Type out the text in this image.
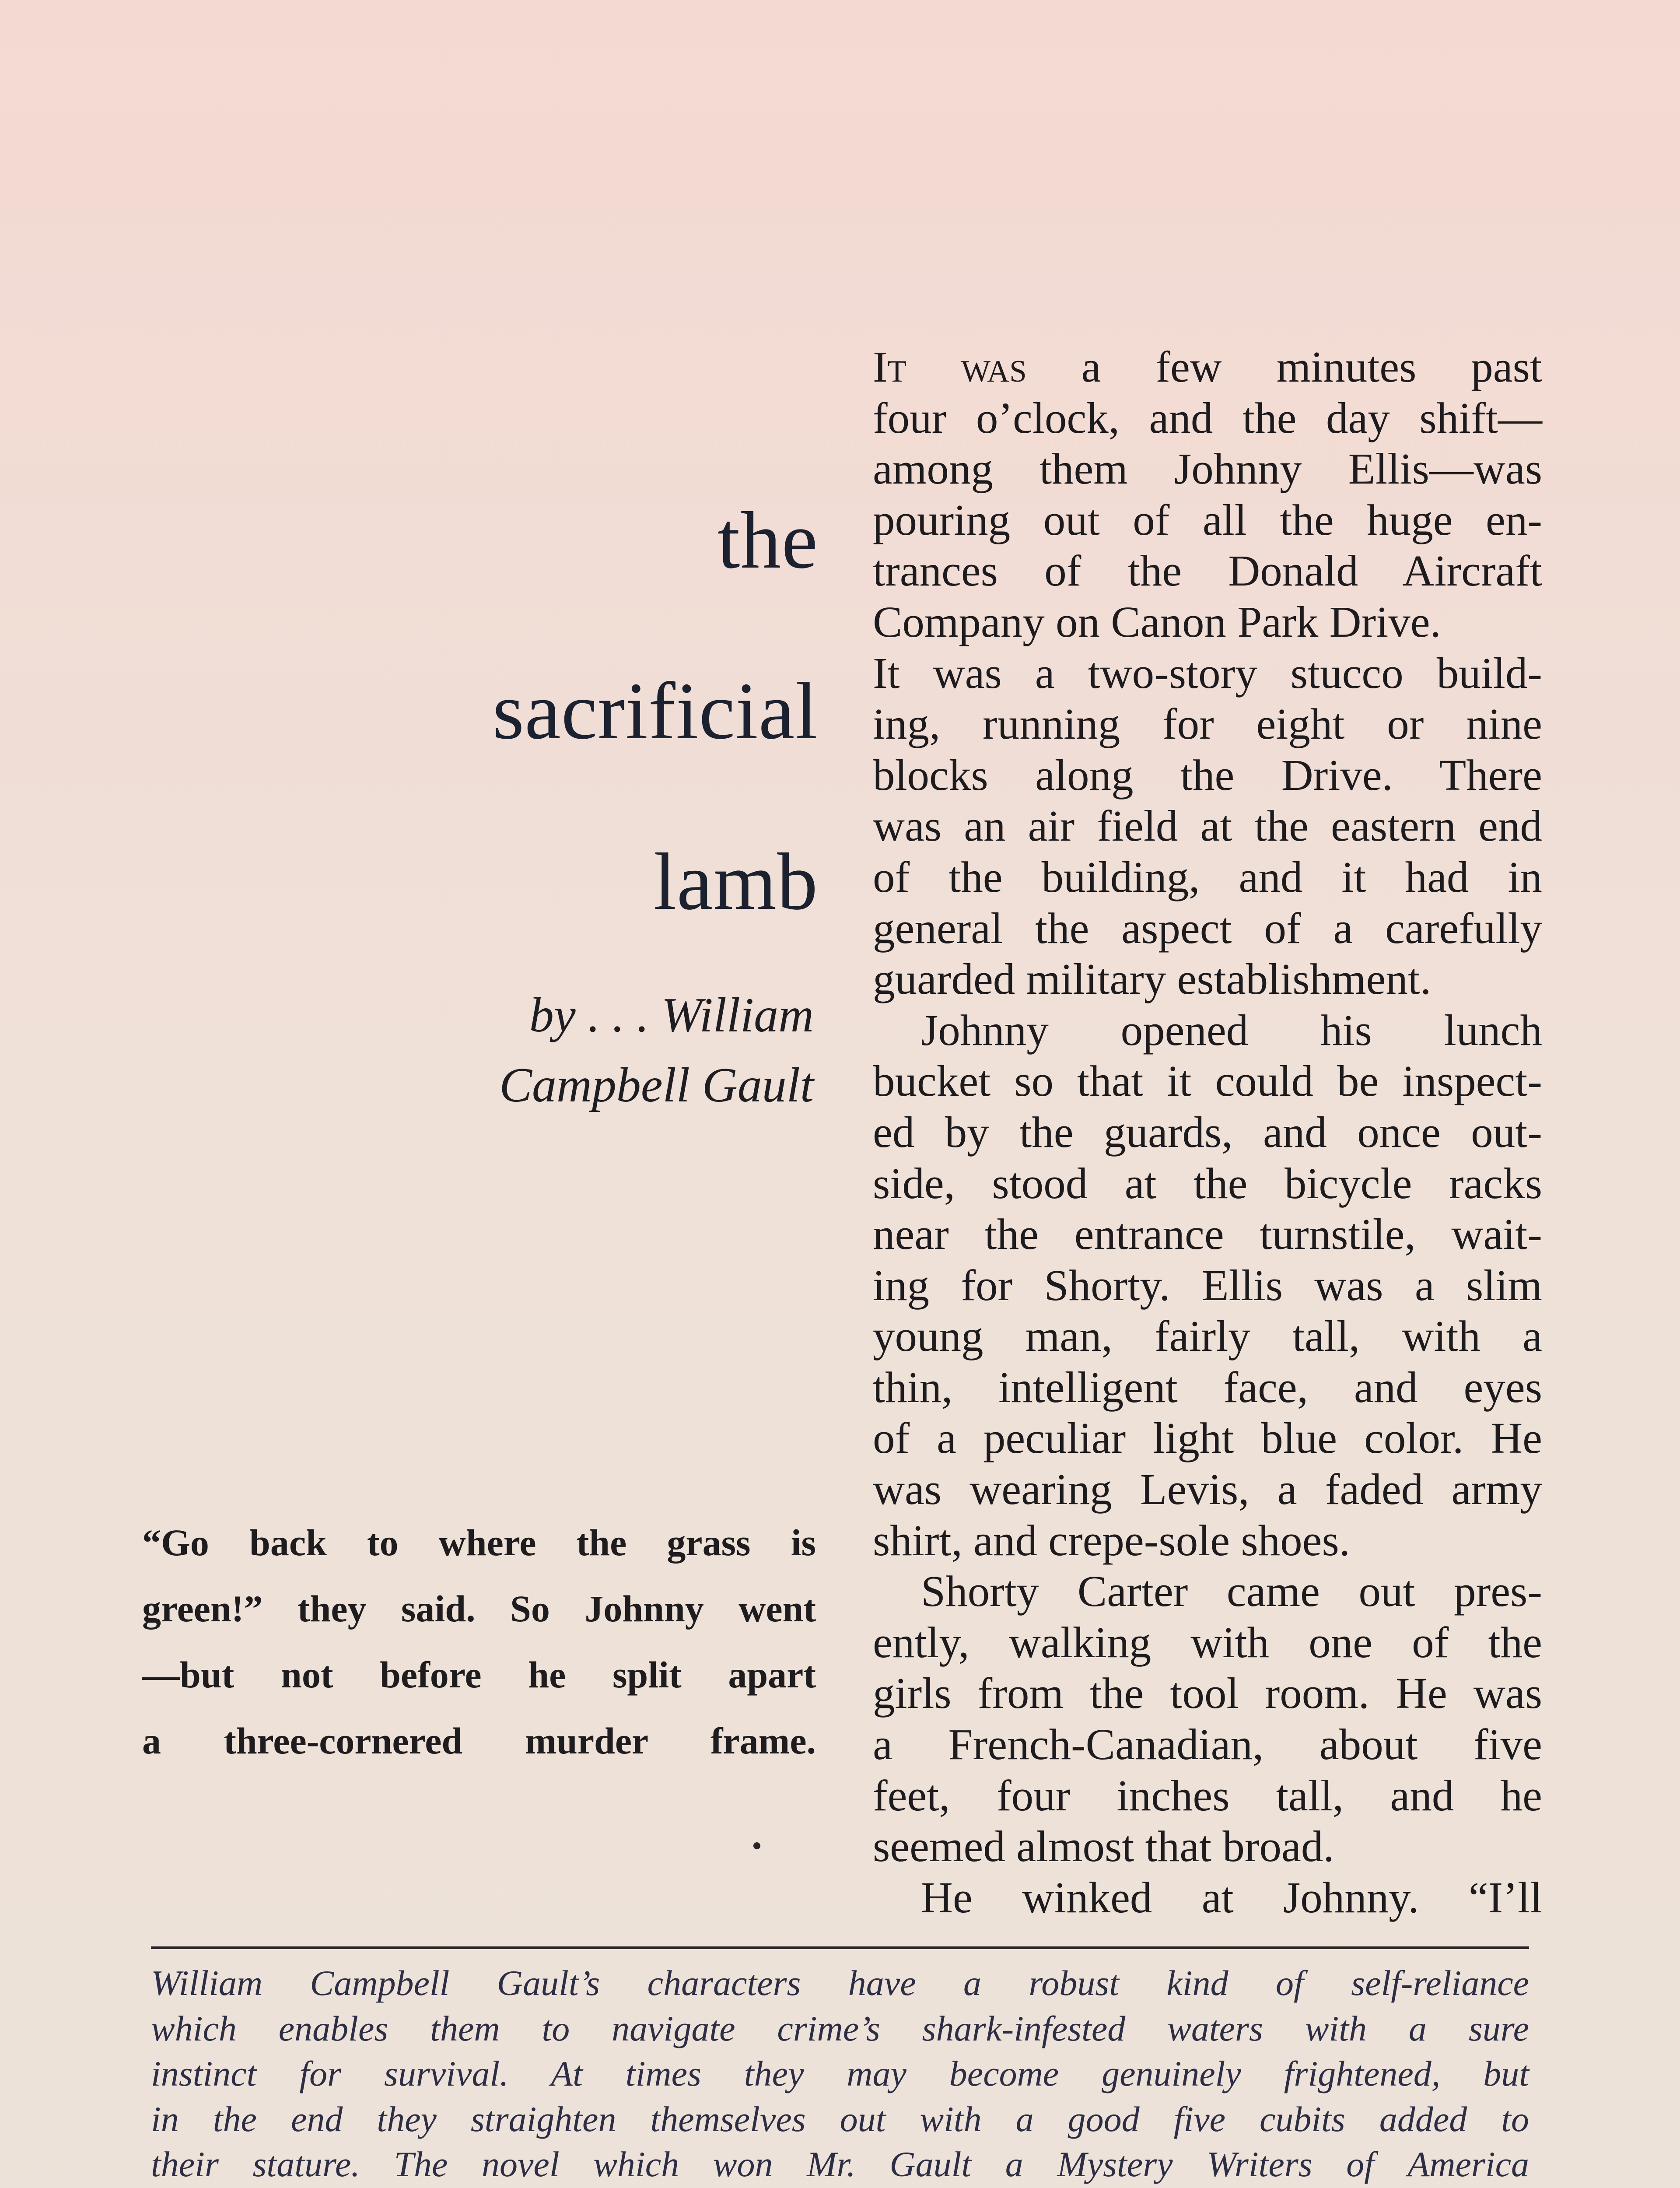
the
sacrificial
lamb
by . . . William
Campbell Gault
“Go back to where the grass is
green!” they said. So Johnny went
—but not before he split apart
a three-cornered murder frame.
It was a few minutes past
four o’clock, and the day shift—
among them Johnny Ellis—was
pouring out of all the huge en-
trances of the Donald Aircraft
Company on Canon Park Drive.
It was a two-story stucco build-
ing, running for eight or nine
blocks along the Drive. There
was an air field at the eastern end
of the building, and it had in
general the aspect of a carefully
guarded military establishment.
Johnny opened his lunch
bucket so that it could be inspect-
ed by the guards, and once out-
side, stood at the bicycle racks
near the entrance turnstile, wait-
ing for Shorty. Ellis was a slim
young man, fairly tall, with a
thin, intelligent face, and eyes
of a peculiar light blue color. He
was wearing Levis, a faded army
shirt, and crepe-sole shoes.
Shorty Carter came out pres-
ently, walking with one of the
girls from the tool room. He was
a French-Canadian, about five
feet, four inches tall, and he
seemed almost that broad.
He winked at Johnny. “I’ll
William Campbell Gault’s characters have a robust kind of self-reliance
which enables them to navigate crime’s shark-infested waters with a sure
instinct for survival. At times they may become genuinely frightened, but
in the end they straighten themselves out with a good five cubits added to
their stature. The novel which won Mr. Gault a Mystery Writers of America
